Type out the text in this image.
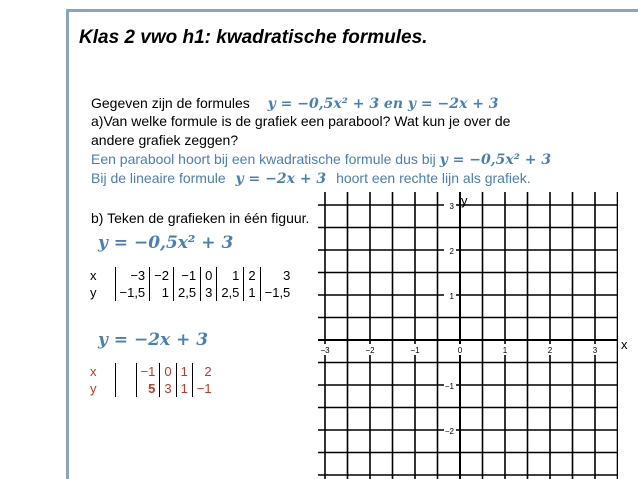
Klas 2 vwo h1: kwadratische formules.
Gegeven zijn de formules y = −0,5x² + 3 en y = −2x + 3
a)Van welke formule is de grafiek een parabool? Wat kun je over de
andere grafiek zeggen?
Een parabool hoort bij een kwadratische formule dus bij y = −0,5x² + 3
Bij de lineaire formule y = −2x + 3 hoort een rechte lijn als grafiek.
b) Teken de grafieken in één figuur.
y = −0,5x² + 3
x	−3	−2	−1	0	1	2	3
y	−1,5	1	2,5	3	2,5	1	−1,5
y = −2x + 3
x		−1	0	1	2
y		5	3	1	−1
−3	−2	−1	0	1	2	3
3
2
1
−1
−2
y
x
